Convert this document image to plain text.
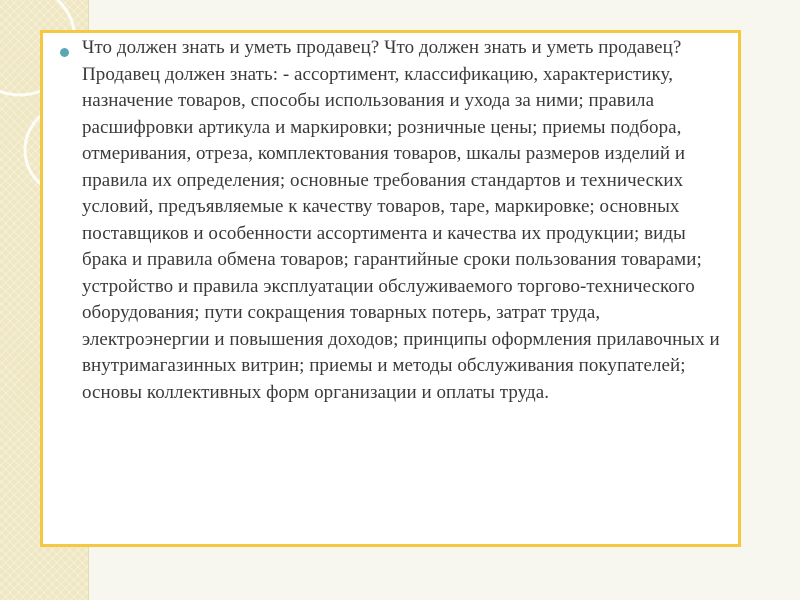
Что должен знать и уметь продавец? Что должен знать и уметь продавец? Продавец должен знать: - ассортимент, классификацию, характеристику, назначение товаров, способы использования и ухода за ними; правила расшифровки артикула и маркировки; розничные цены; приемы подбора, отмеривания, отреза, комплектования товаров, шкалы размеров изделий и правила их определения; основные требования стандартов и технических условий, предъявляемые к качеству товаров, таре, маркировке; основных поставщиков и особенности ассортимента и качества их продукции; виды брака и правила обмена товаров; гарантийные сроки пользования товарами; устройство и правила эксплуатации обслуживаемого торгово-технического оборудования; пути сокращения товарных потерь, затрат труда, электроэнергии и повышения доходов; принципы оформления прилавочных и внутримагазинных витрин; приемы и методы обслуживания покупателей; основы коллективных форм организации и оплаты труда.
